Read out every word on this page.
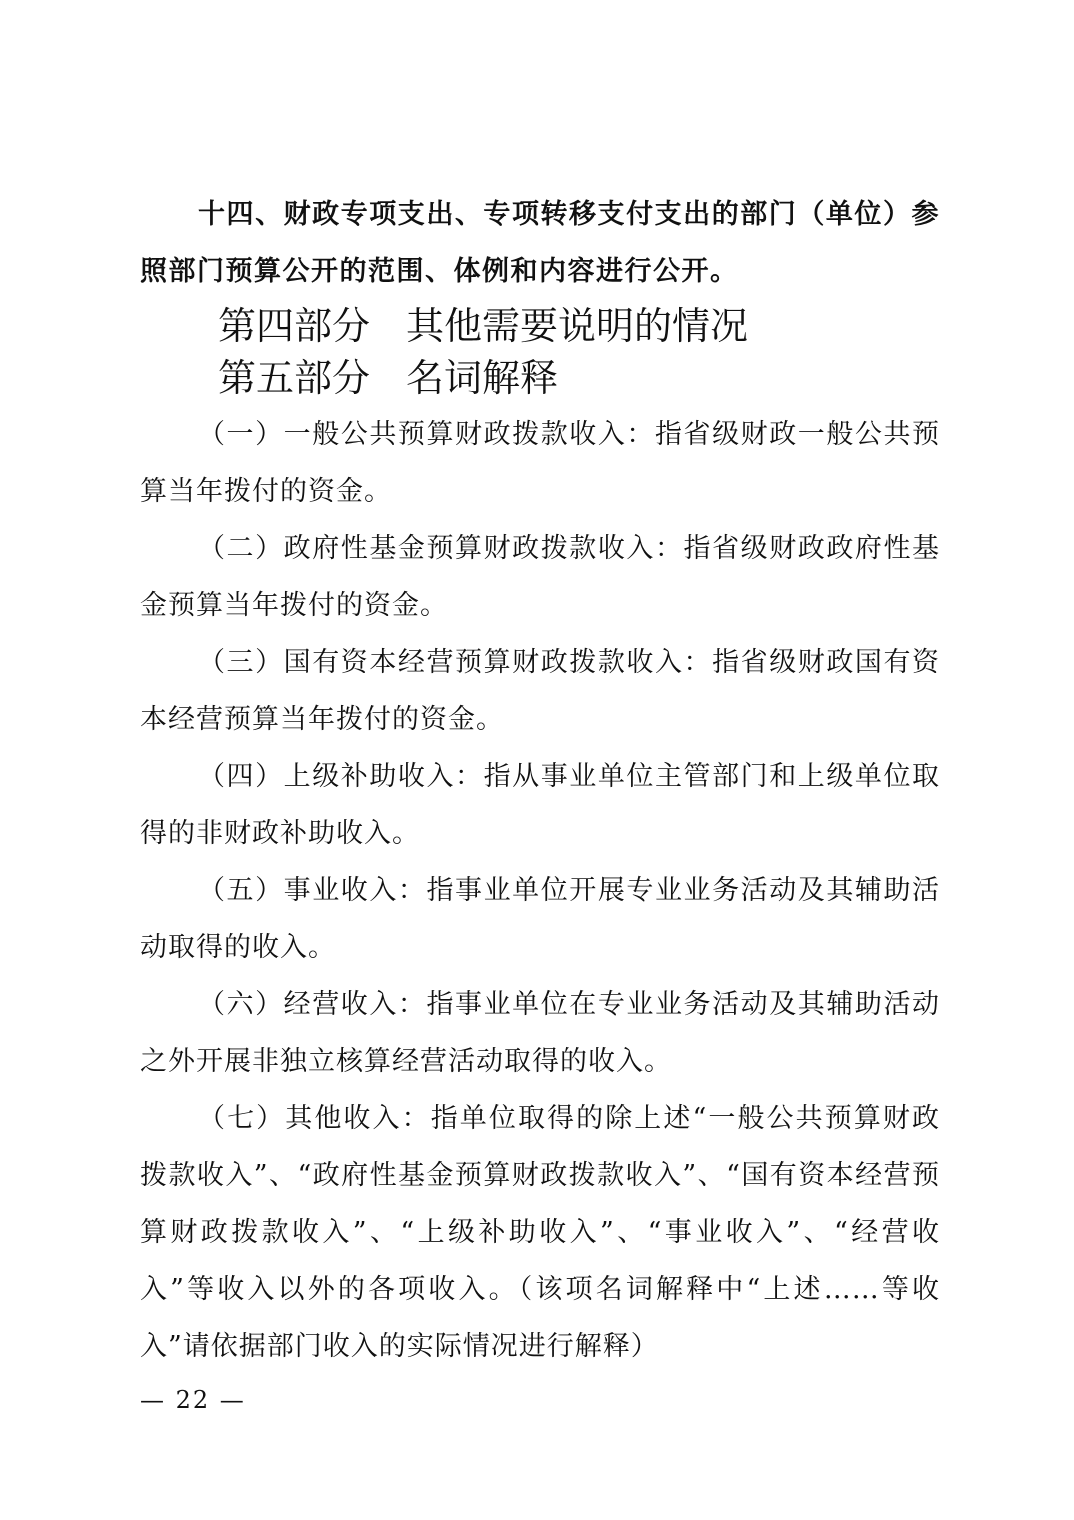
十四、财政专项支出、专项转移支付支出的部门（单位）参照部门预算公开的范围、体例和内容进行公开。

第四部分 其他需要说明的情况
第五部分 名词解释

（一）一般公共预算财政拨款收入：指省级财政一般公共预算当年拨付的资金。

（二）政府性基金预算财政拨款收入：指省级财政政府性基金预算当年拨付的资金。

（三）国有资本经营预算财政拨款收入：指省级财政国有资本经营预算当年拨付的资金。

（四）上级补助收入：指从事业单位主管部门和上级单位取得的非财政补助收入。

（五）事业收入：指事业单位开展专业业务活动及其辅助活动取得的收入。

（六）经营收入：指事业单位在专业业务活动及其辅助活动之外开展非独立核算经营活动取得的收入。

（七）其他收入：指单位取得的除上述“一般公共预算财政拨款收入”、“政府性基金预算财政拨款收入”、“国有资本经营预算财政拨款收入”、“上级补助收入”、“事业收入”、“经营收入”等收入以外的各项收入。（该项名词解释中“上述……等收入”请依据部门收入的实际情况进行解释）

— 22 —
